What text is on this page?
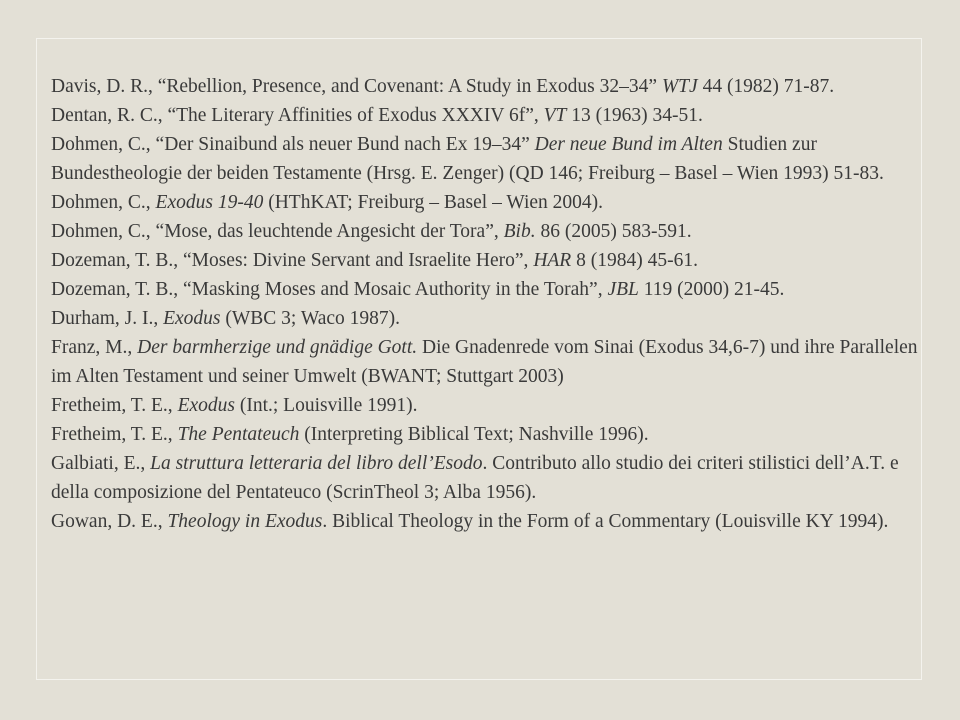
Davis, D. R., “Rebellion, Presence, and Covenant: A Study in Exodus 32–34” WTJ 44 (1982) 71-87.

Dentan, R. C., “The Literary Affinities of Exodus XXXIV 6f”, VT 13 (1963) 34-51.

Dohmen, C., “Der Sinaibund als neuer Bund nach Ex 19–34” Der neue Bund im Alten Studien zur Bundestheologie der beiden Testamente (Hrsg. E. Zenger) (QD 146; Freiburg – Basel – Wien 1993) 51-83.

Dohmen, C., Exodus 19-40 (HThKAT; Freiburg – Basel – Wien 2004).

Dohmen, C., “Mose, das leuchtende Angesicht der Tora”, Bib. 86 (2005) 583-591.

Dozeman, T. B., “Moses: Divine Servant and Israelite Hero”, HAR 8 (1984) 45-61.

Dozeman, T. B., “Masking Moses and Mosaic Authority in the Torah”, JBL 119 (2000) 21-45.

Durham, J. I., Exodus (WBC 3; Waco 1987).

Franz, M., Der barmherzige und gnädige Gott. Die Gnadenrede vom Sinai (Exodus 34,6-7) und ihre Parallelen im Alten Testament und seiner Umwelt (BWANT; Stuttgart 2003)

Fretheim, T. E., Exodus (Int.; Louisville 1991).

Fretheim, T. E., The Pentateuch (Interpreting Biblical Text; Nashville 1996).

Galbiati, E., La struttura letteraria del libro dell’Esodo. Contributo allo studio dei criteri stilistici dell’A.T. e della composizione del Pentateuco (ScrinTheol 3; Alba 1956).

Gowan, D. E., Theology in Exodus. Biblical Theology in the Form of a Commentary (Louisville KY 1994).
